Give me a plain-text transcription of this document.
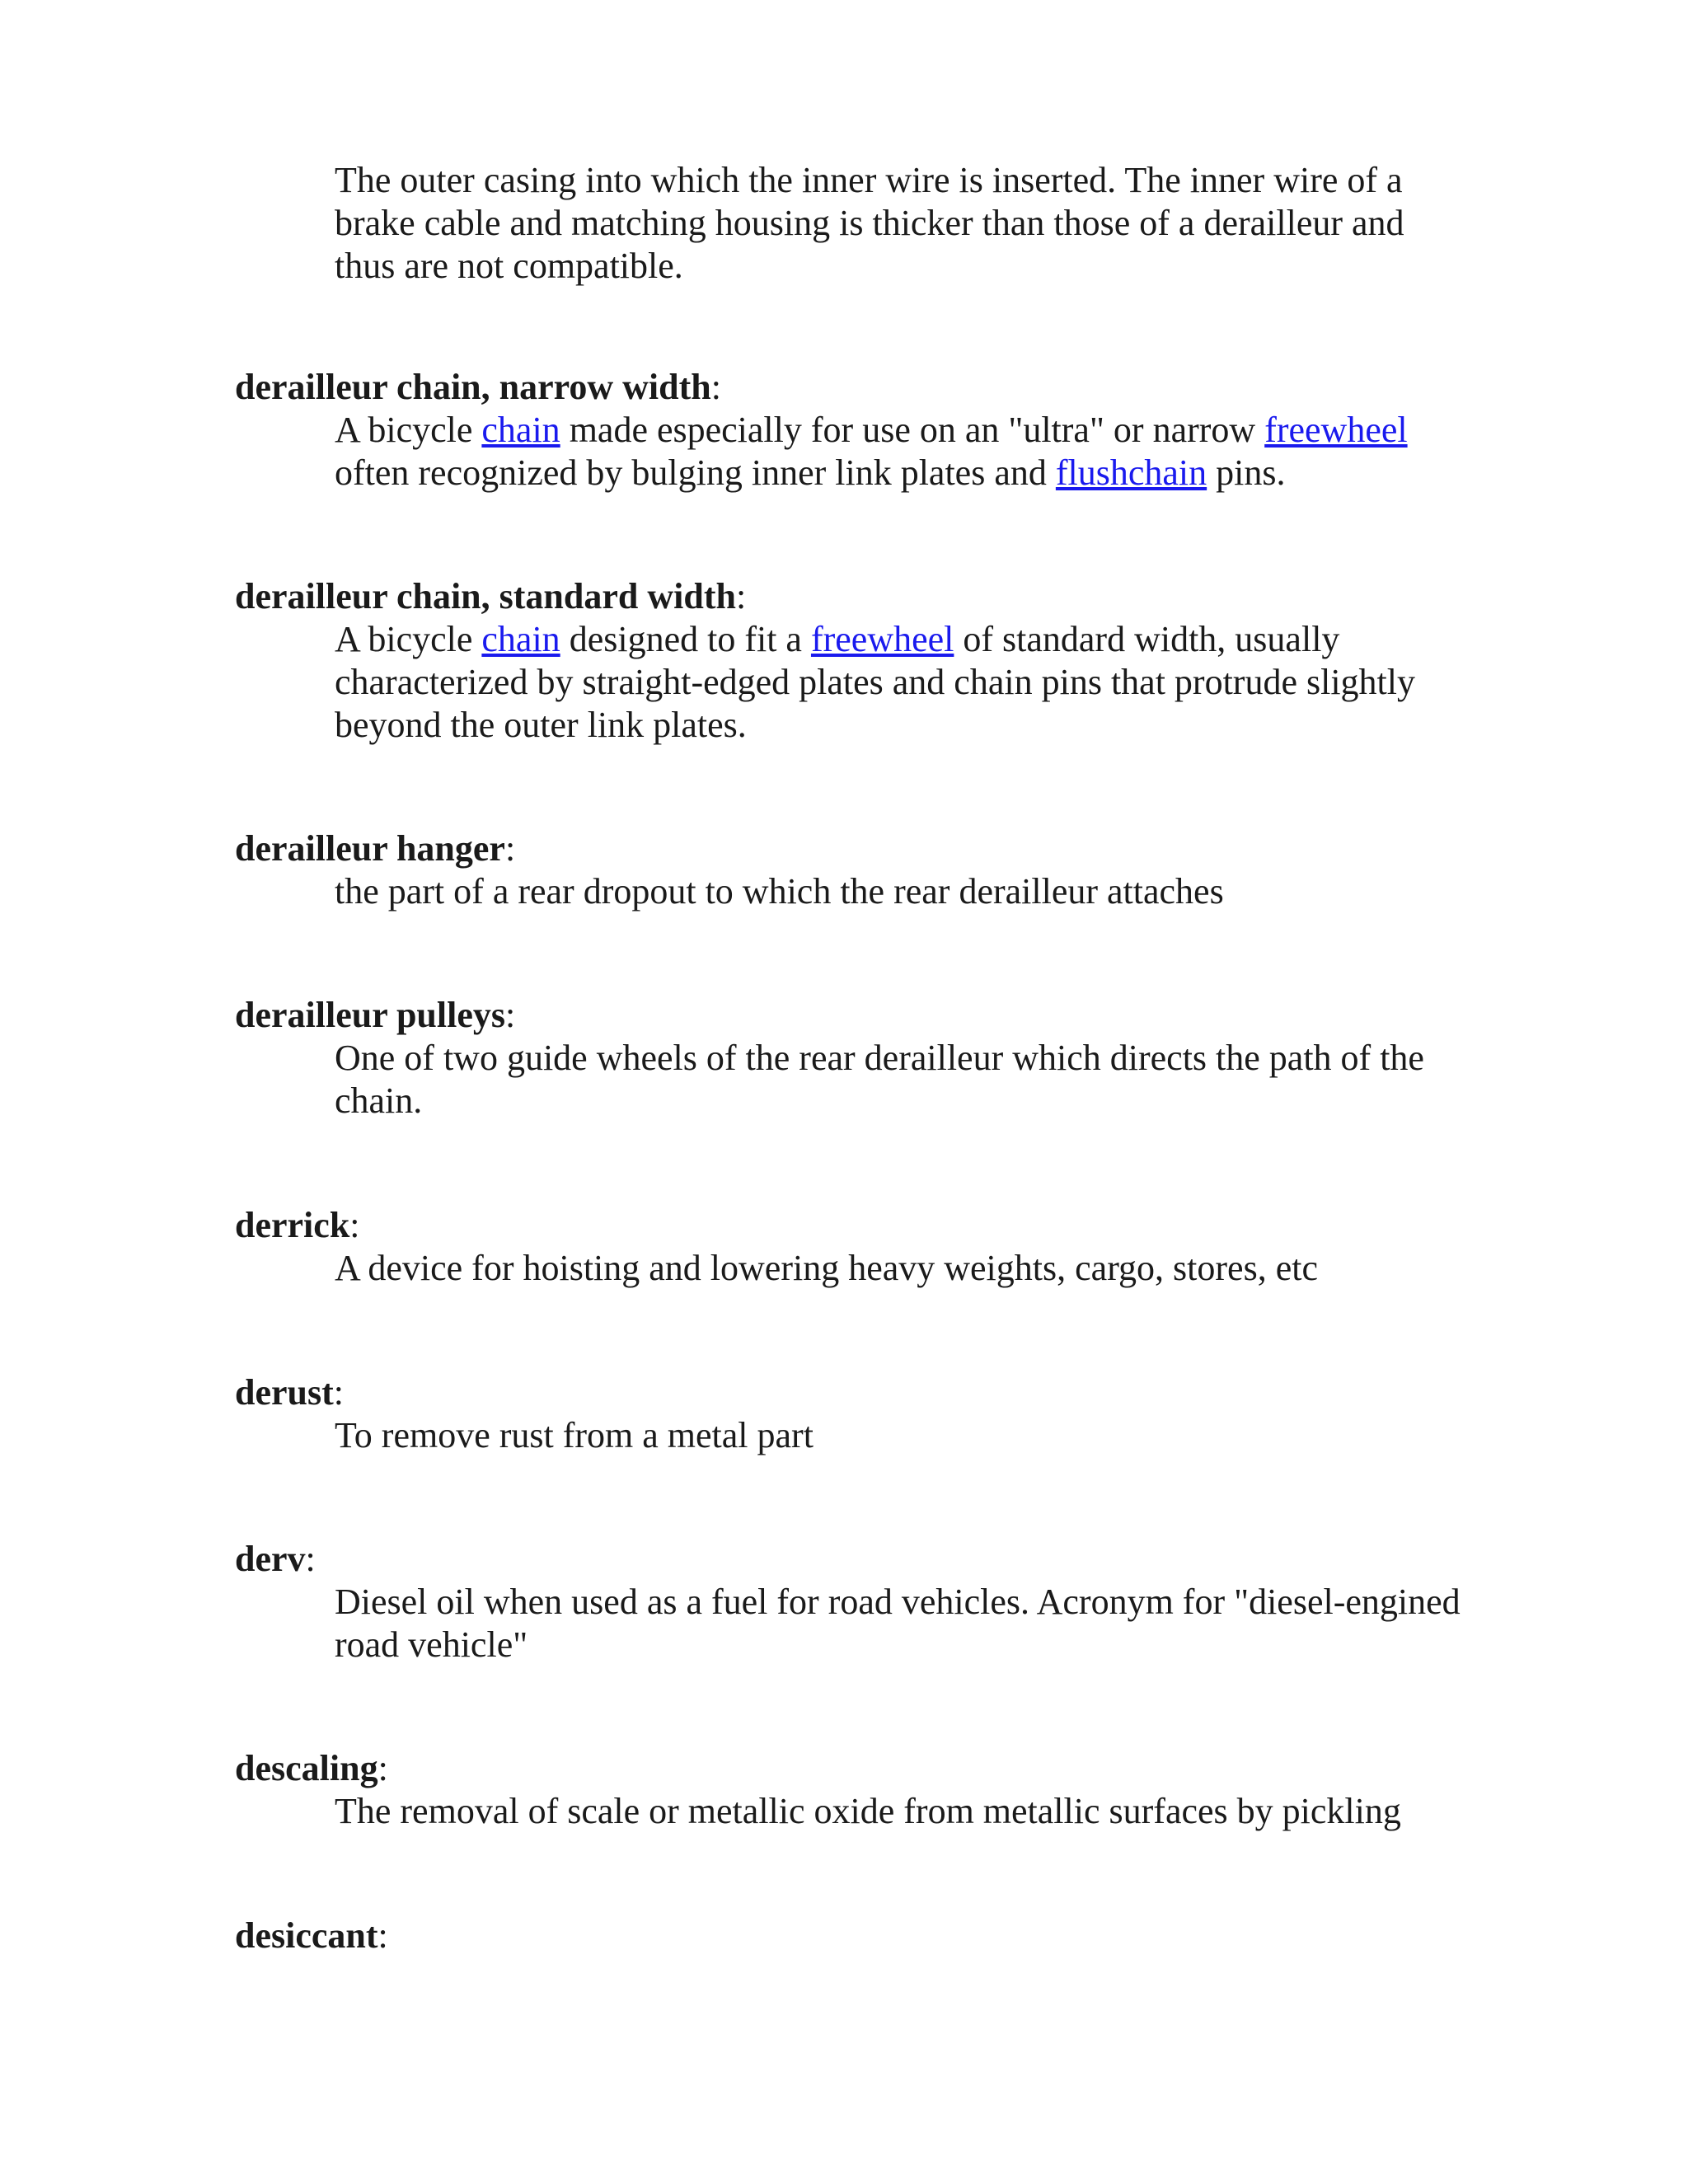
The outer casing into which the inner wire is inserted. The inner wire of a brake cable and matching housing is thicker than those of a derailleur and thus are not compatible.

derailleur chain, narrow width:

A bicycle chain made especially for use on an "ultra" or narrow freewheel often recognized by bulging inner link plates and flushchain pins.

derailleur chain, standard width:

A bicycle chain designed to fit a freewheel of standard width, usually characterized by straight-edged plates and chain pins that protrude slightly beyond the outer link plates.

derailleur hanger:

the part of a rear dropout to which the rear derailleur attaches

derailleur pulleys:

One of two guide wheels of the rear derailleur which directs the path of the chain.

derrick:

A device for hoisting and lowering heavy weights, cargo, stores, etc

derust:

To remove rust from a metal part

derv:

Diesel oil when used as a fuel for road vehicles. Acronym for "diesel-engined road vehicle"

descaling:

The removal of scale or metallic oxide from metallic surfaces by pickling

desiccant:
